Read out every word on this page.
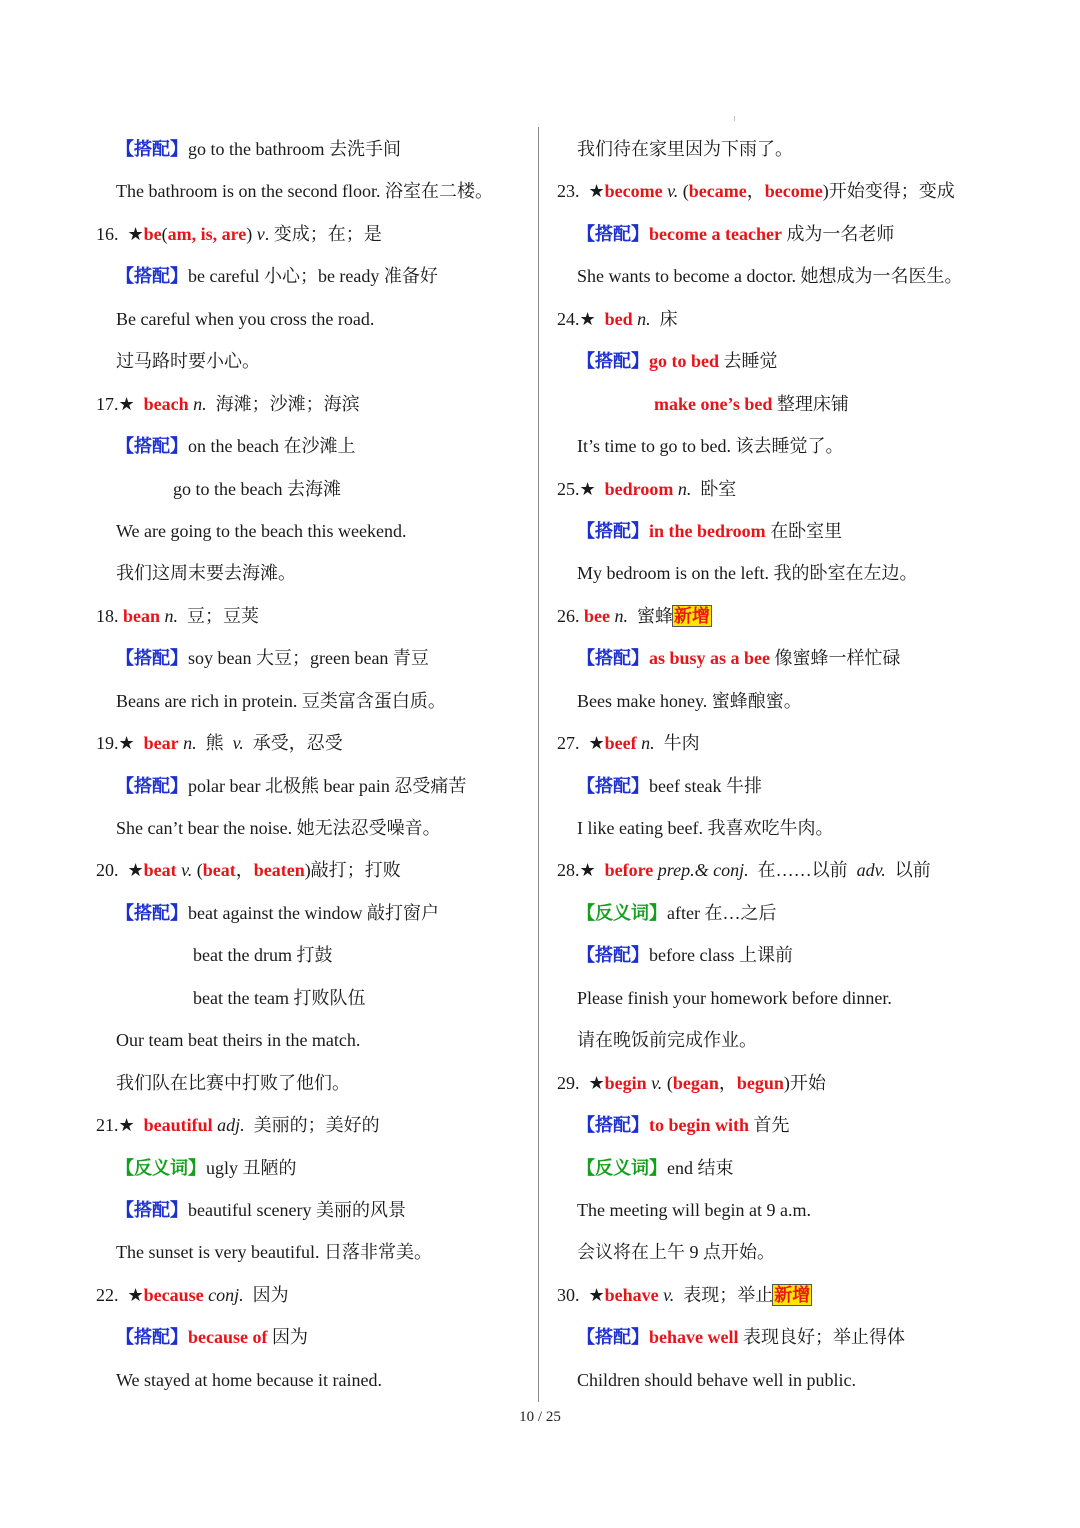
【搭配】go to the bathroom 去洗手间
The bathroom is on the second floor. 浴室在二楼。
16. ★be(am, is, are) v. 变成；在；是
【搭配】be careful 小心；be ready 准备好
Be careful when you cross the road.
过马路时要小心。
17.★ beach n. 海滩；沙滩；海滨
【搭配】on the beach 在沙滩上
go to the beach 去海滩
We are going to the beach this weekend.
我们这周末要去海滩。
18. bean n. 豆；豆荚
【搭配】soy bean 大豆；green bean 青豆
Beans are rich in protein. 豆类富含蛋白质。
19.★ bear n. 熊 v. 承受，忍受
【搭配】polar bear 北极熊 bear pain 忍受痛苦
She can’t bear the noise. 她无法忍受噪音。
20. ★beat v. (beat，beaten)敲打；打败
【搭配】beat against the window 敲打窗户
beat the drum 打鼓
beat the team 打败队伍
Our team beat theirs in the match.
我们队在比赛中打败了他们。
21.★ beautiful adj. 美丽的；美好的
【反义词】ugly 丑陋的
【搭配】beautiful scenery 美丽的风景
The sunset is very beautiful. 日落非常美。
22. ★because conj. 因为
【搭配】because of 因为
We stayed at home because it rained.
我们待在家里因为下雨了。
23. ★become v. (became，become)开始变得；变成
【搭配】become a teacher 成为一名老师
She wants to become a doctor. 她想成为一名医生。
24.★ bed n. 床
【搭配】go to bed 去睡觉
make one’s bed 整理床铺
It’s time to go to bed. 该去睡觉了。
25.★ bedroom n. 卧室
【搭配】in the bedroom 在卧室里
My bedroom is on the left. 我的卧室在左边。
26. bee n. 蜜蜂新增
【搭配】as busy as a bee 像蜜蜂一样忙碌
Bees make honey. 蜜蜂酿蜜。
27. ★beef n. 牛肉
【搭配】beef steak 牛排
I like eating beef. 我喜欢吃牛肉。
28.★ before prep.& conj. 在……以前 adv. 以前
【反义词】after 在…之后
【搭配】before class 上课前
Please finish your homework before dinner.
请在晚饭前完成作业。
29. ★begin v. (began，begun)开始
【搭配】to begin with 首先
【反义词】end 结束
The meeting will begin at 9 a.m.
会议将在上午 9 点开始。
30. ★behave v. 表现；举止新增
【搭配】behave well 表现良好；举止得体
Children should behave well in public.
10 / 25
